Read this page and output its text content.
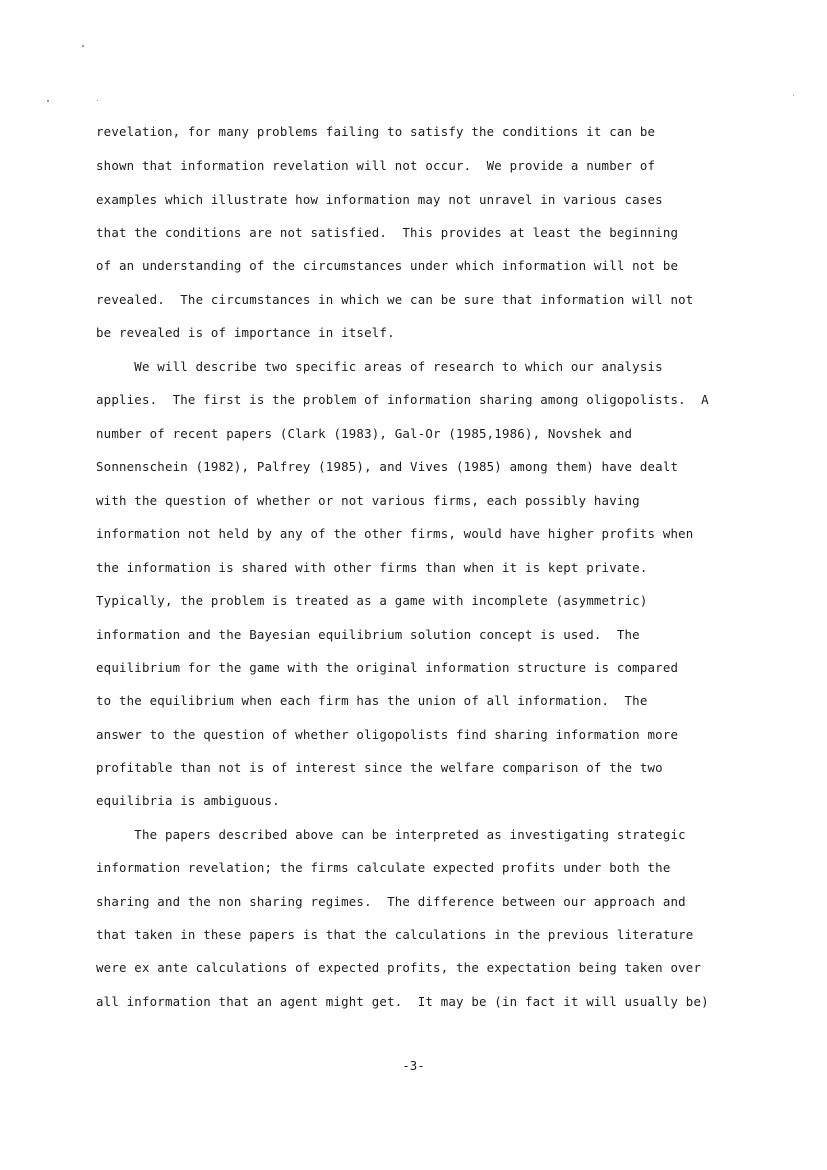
revelation, for many problems failing to satisfy the conditions it can be
shown that information revelation will not occur.  We provide a number of
examples which illustrate how information may not unravel in various cases
that the conditions are not satisfied.  This provides at least the beginning
of an understanding of the circumstances under which information will not be
revealed.  The circumstances in which we can be sure that information will not
be revealed is of importance in itself.
We will describe two specific areas of research to which our analysis
applies.  The first is the problem of information sharing among oligopolists.  A
number of recent papers (Clark (1983), Gal-Or (1985,1986), Novshek and
Sonnenschein (1982), Palfrey (1985), and Vives (1985) among them) have dealt
with the question of whether or not various firms, each possibly having
information not held by any of the other firms, would have higher profits when
the information is shared with other firms than when it is kept private.
Typically, the problem is treated as a game with incomplete (asymmetric)
information and the Bayesian equilibrium solution concept is used.  The
equilibrium for the game with the original information structure is compared
to the equilibrium when each firm has the union of all information.  The
answer to the question of whether oligopolists find sharing information more
profitable than not is of interest since the welfare comparison of the two
equilibria is ambiguous.
The papers described above can be interpreted as investigating strategic
information revelation; the firms calculate expected profits under both the
sharing and the non sharing regimes.  The difference between our approach and
that taken in these papers is that the calculations in the previous literature
were ex ante calculations of expected profits, the expectation being taken over
all information that an agent might get.  It may be (in fact it will usually be)
-3-
